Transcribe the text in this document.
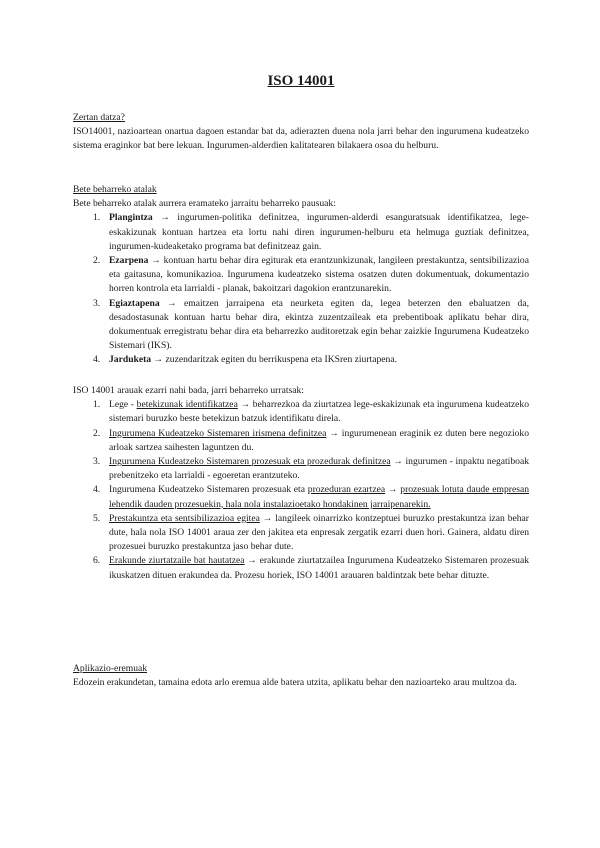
ISO 14001

Zertan datza?

ISO14001, nazioartean onartua dagoen estandar bat da, adierazten duena nola jarri behar den ingurumena kudeatzeko sistema eraginkor bat bere lekuan. Ingurumen-alderdien kalitatearen bilakaera osoa du helburu.

Bete beharreko atalak

Bete beharreko atalak aurrera eramateko jarraitu beharreko pausuak:

1. Plangintza → ingurumen-politika definitzea, ingurumen-alderdi esanguratsuak identifikatzea, lege-eskakizunak kontuan hartzea eta lortu nahi diren ingurumen-helburu eta helmuga guztiak definitzea, ingurumen-kudeaketako programa bat definitzeaz gain.
2. Ezarpena → kontuan hartu behar dira egiturak eta erantzunkizunak, langileen prestakuntza, sentsibilizazioa eta gaitasuna, komunikazioa. Ingurumena kudeatzeko sistema osatzen duten dokumentuak, dokumentazio horren kontrola eta larrialdi - planak, bakoitzari dagokion erantzunarekin.
3. Egiaztapena → emaitzen jarraipena eta neurketa egiten da, legea beterzen den ebaluatzen da, desadostasunak kontuan hartu behar dira, ekintza zuzentzaileak eta prebentiboak aplikatu behar dira, dokumentuak erregistratu behar dira eta beharrezko auditoretzak egin behar zaizkie Ingurumena Kudeatzeko Sistemari (IKS).
4. Jarduketa → zuzendaritzak egiten du berrikuspena eta IKSren ziurtapena.

ISO 14001 arauak ezarri nahi bada, jarri beharreko urratsak:

1. Lege - betekizunak identifikatzea → beharrezkoa da ziurtatzea lege-eskakizunak eta ingurumena kudeatzeko sistemari buruzko beste betekizun batzuk identifikatu direla.
2. Ingurumena Kudeatzeko Sistemaren irismena definitzea → ingurumenean eraginik ez duten bere negozioko arloak sartzea saihesten laguntzen du.
3. Ingurumena Kudeatzeko Sistemaren prozesuak eta prozedurak definitzea → ingurumen - inpaktu negatiboak prebenitzeko eta larrialdi - egoeretan erantzuteko.
4. Ingurumena Kudeatzeko Sistemaren prozesuak eta prozeduran ezartzea → prozesuak lotuta daude empresan lehendik dauden prozesuekin, hala nola instalazioetako hondakinen jarraipenarekin.
5. Prestakuntza eta sentsibilizazioa egitea → langileek oinarrizko kontzeptuei buruzko prestakuntza izan behar dute, hala nola ISO 14001 araua zer den jakitea eta enpresak zergatik ezarri duen hori. Gainera, aldatu diren prozesuei buruzko prestakuntza jaso behar dute.
6. Erakunde ziurtatzaile bat hautatzea → erakunde ziurtatzailea Ingurumena Kudeatzeko Sistemaren prozesuak ikuskatzen dituen erakundea da. Prozesu horiek, ISO 14001 arauaren baldintzak bete behar dituzte.

Aplikazio-eremuak

Edozein erakundetan, tamaina edota arlo eremua alde batera utzita, aplikatu behar den nazioarteko arau multzoa da.
